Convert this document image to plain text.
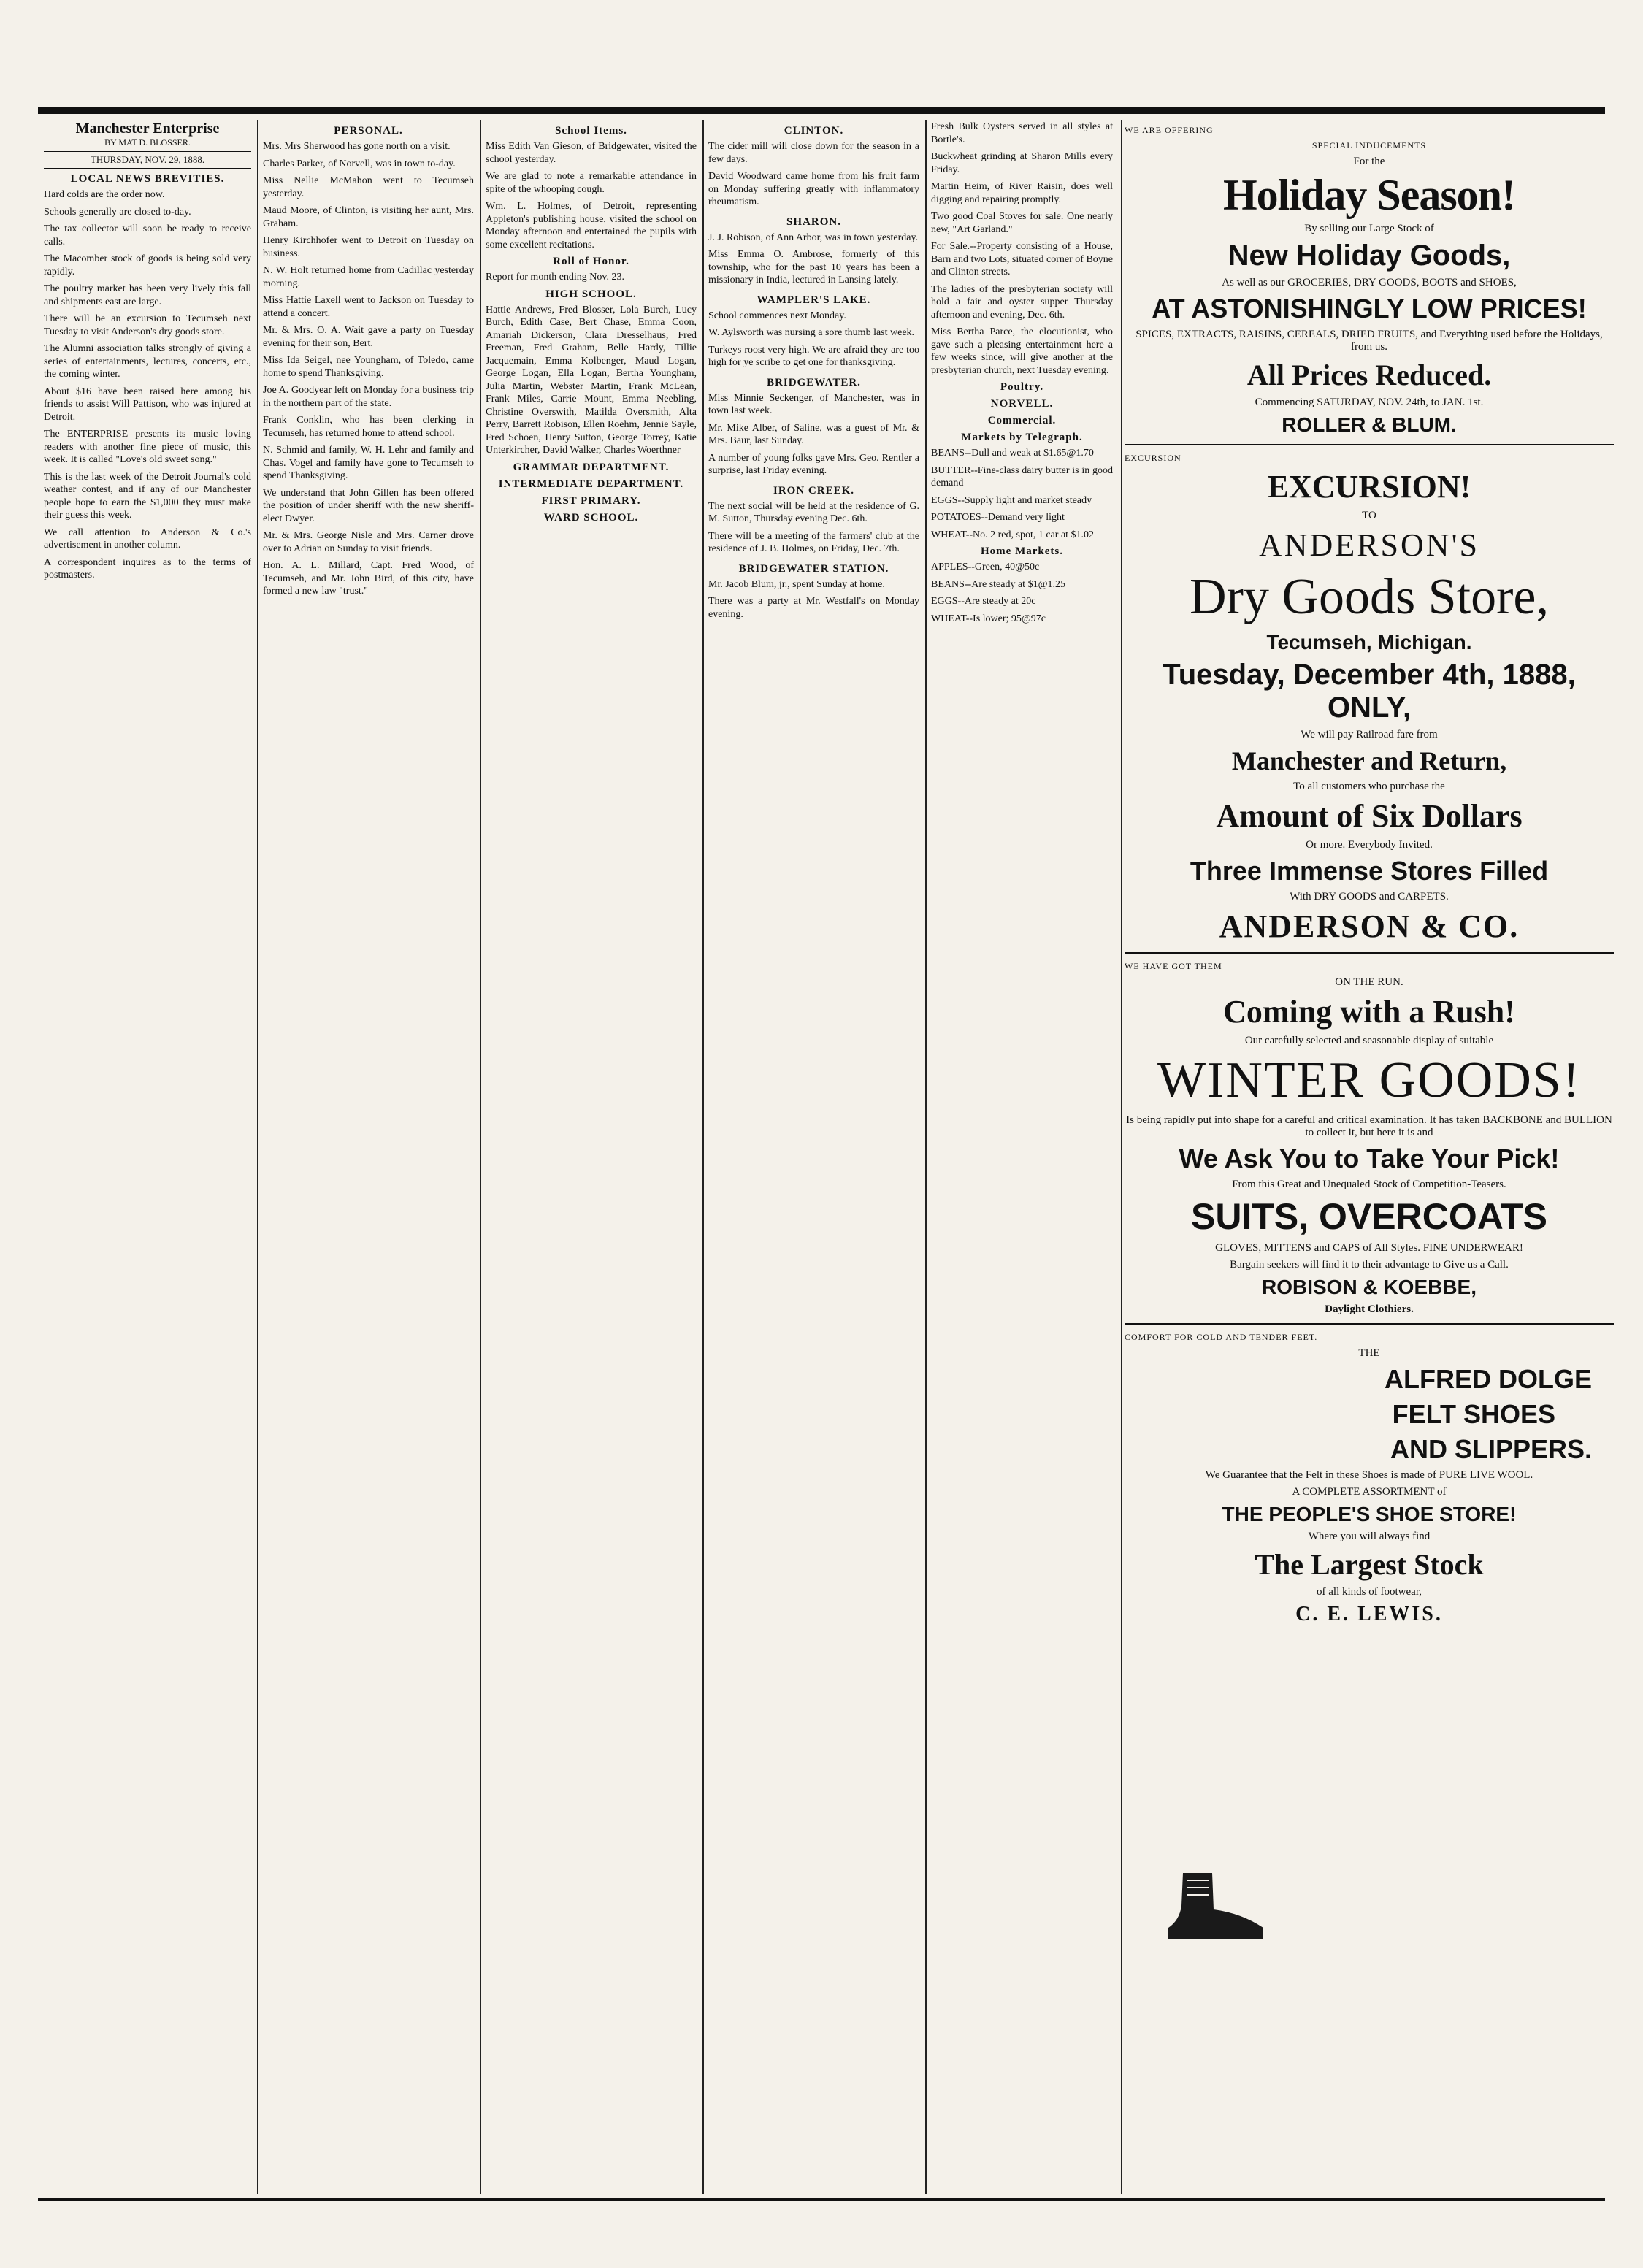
Manchester Enterprise
BY MAT D. BLOSSER.
THURSDAY, NOV. 29, 1888.
LOCAL NEWS BREVITIES.

Hard colds are the order now.

Schools generally are closed to-day.

The tax collector will soon be ready to receive calls.

The Macomber stock of goods is being sold very rapidly.

The poultry market has been very lively this fall and shipments east are large.

There will be an excursion to Tecumseh next Tuesday to visit Anderson's dry goods store.

The Alumni association talks strongly of giving a series of entertainments, lectures, concerts, etc., the coming winter.

About $16 have been raised here among his friends to assist Will Pattison, who was injured at Detroit.

The ENTERPRISE presents its music loving readers with another fine piece of music, this week. It is called "Love's old sweet song."

This is the last week of the Detroit Journal's cold weather contest, and if any of our Manchester people hope to earn the $1,000 they must make their guess this week.

We call attention to Anderson & Co.'s advertisement in another column.

A correspondent inquires as to the terms of postmasters.

PERSONAL.

Mrs. Mrs Sherwood has gone north on a visit.

Charles Parker, of Norvell, was in town to-day.

Miss Nellie McMahon went to Tecumseh yesterday.

Maud Moore, of Clinton, is visiting her aunt, Mrs. Graham.

Henry Kirchhofer went to Detroit on Tuesday on business.

N. W. Holt returned home from Cadillac yesterday morning.

Miss Hattie Laxell went to Jackson on Tuesday to attend a concert.

Mr. & Mrs. O. A. Wait gave a party on Tuesday evening for their son, Bert.

Miss Ida Seigel, nee Youngham, of Toledo, came home to spend Thanksgiving.

Joe A. Goodyear left on Monday for a business trip in the northern part of the state.

Frank Conklin, who has been clerking in Tecumseh, has returned home to attend school.

N. Schmid and family, W. H. Lehr and family and Chas. Vogel and family have gone to Tecumseh to spend Thanksgiving.

We understand that John Gillen has been offered the position of under sheriff with the new sheriff-elect Dwyer.

Mr. & Mrs. George Nisle and Mrs. Carner drove over to Adrian on Sunday to visit friends.

Hon. A. L. Millard, Capt. Fred Wood, of Tecumseh, and Mr. John Bird, of this city, have formed a new law "trust."

School Items.

Miss Edith Van Gieson, of Bridgewater, visited the school yesterday.

We are glad to note a remarkable attendance in spite of the whooping cough.

Wm. L. Holmes, of Detroit, representing Appleton's publishing house, visited the school on Monday afternoon and entertained the pupils with some excellent recitations.

Roll of Honor.

Report for month ending Nov. 23.

HIGH SCHOOL.

Hattie Andrews, Fred Blosser, Lola Burch, Lucy Burch, Edith Case, Bert Chase, Emma Coon, Amariah Dickerson, Clara Dresselhaus, Fred Freeman, Fred Graham, Belle Hardy, Tillie Jacquemain, Emma Kolbenger, Maud Logan, George Logan, Ella Logan, Bertha Youngham, Julia Martin, Webster Martin, Frank McLean, Frank Miles, Carrie Mount, Emma Neebling, Christine Overswith, Matilda Oversmith, Alta Perry, Barrett Robison, Ellen Roehm, Jennie Sayle, Fred Schoen, Henry Sutton, George Torrey, Katie Unterkircher, David Walker, Charles Woerthner

GRAMMAR DEPARTMENT.
INTERMEDIATE DEPARTMENT.
FIRST PRIMARY.
WARD SCHOOL.
CLINTON.

The cider mill will close down for the season in a few days.

David Woodward came home from his fruit farm on Monday suffering greatly with inflammatory rheumatism.

SHARON.

J. J. Robison, of Ann Arbor, was in town yesterday.

Miss Emma O. Ambrose, formerly of this township, who for the past 10 years has been a missionary in India, lectured in Lansing lately.

WAMPLER'S LAKE.

School commences next Monday.

W. Aylsworth was nursing a sore thumb last week.

Turkeys roost very high. We are afraid they are too high for ye scribe to get one for thanksgiving.

BRIDGEWATER.

Miss Minnie Seckenger, of Manchester, was in town last week.

Mr. Mike Alber, of Saline, was a guest of Mr. & Mrs. Baur, last Sunday.

A number of young folks gave Mrs. Geo. Rentler a surprise, last Friday evening.

IRON CREEK.

The next social will be held at the residence of G. M. Sutton, Thursday evening Dec. 6th.

There will be a meeting of the farmers' club at the residence of J. B. Holmes, on Friday, Dec. 7th.

BRIDGEWATER STATION.

Mr. Jacob Blum, jr., spent Sunday at home.

There was a party at Mr. Westfall's on Monday evening.

Fresh Bulk Oysters served in all styles at Bortle's.

Buckwheat grinding at Sharon Mills every Friday.

Martin Heim, of River Raisin, does well digging and repairing promptly.

Two good Coal Stoves for sale. One nearly new, "Art Garland."

For Sale.--Property consisting of a House, Barn and two Lots, situated corner of Boyne and Clinton streets.

The ladies of the presbyterian society will hold a fair and oyster supper Thursday afternoon and evening, Dec. 6th.

Miss Bertha Parce, the elocutionist, who gave such a pleasing entertainment here a few weeks since, will give another at the presbyterian church, next Tuesday evening.

Poultry.
NORVELL.
Commercial.
Markets by Telegraph.

BEANS--Dull and weak at $1.65@1.70

BUTTER--Fine-class dairy butter is in good demand

EGGS--Supply light and market steady

POTATOES--Demand very light

WHEAT--No. 2 red, spot, 1 car at $1.02

Home Markets.

APPLES--Green, 40@50c

BEANS--Are steady at $1@1.25

EGGS--Are steady at 20c

WHEAT--Is lower; 95@97c

WE ARE OFFERING
SPECIAL INDUCEMENTS
For the
Holiday Season!
By selling our Large Stock of
New Holiday Goods,
As well as our GROCERIES, DRY GOODS, BOOTS and SHOES,
AT ASTONISHINGLY LOW PRICES!
SPICES, EXTRACTS, RAISINS, CEREALS, DRIED FRUITS, and Everything used before the Holidays, from us.
All Prices Reduced.
Commencing SATURDAY, NOV. 24th, to JAN. 1st.
ROLLER & BLUM.
EXCURSION
EXCURSION!
TO
ANDERSON'S
Dry Goods Store,
Tecumseh, Michigan.
Tuesday, December 4th, 1888, ONLY,
We will pay Railroad fare from
Manchester and Return,
To all customers who purchase the
Amount of Six Dollars
Or more. Everybody Invited.
Three Immense Stores Filled
With DRY GOODS and CARPETS.
ANDERSON & CO.
WE HAVE GOT THEM
ON THE RUN.
Coming with a Rush!
Our carefully selected and seasonable display of suitable
WINTER GOODS!
Is being rapidly put into shape for a careful and critical examination. It has taken BACKBONE and BULLION to collect it, but here it is and
We Ask You to Take Your Pick!
From this Great and Unequaled Stock of Competition-Teasers.
SUITS, OVERCOATS
GLOVES, MITTENS and CAPS of All Styles. FINE UNDERWEAR!
Bargain seekers will find it to their advantage to Give us a Call.
ROBISON & KOEBBE,
Daylight Clothiers.
COMFORT FOR COLD AND TENDER FEET.
THE
ALFRED DOLGE
FELT SHOES
AND SLIPPERS.
We Guarantee that the Felt in these Shoes is made of PURE LIVE WOOL.
A COMPLETE ASSORTMENT of
THE PEOPLE'S SHOE STORE!
Where you will always find
The Largest Stock
of all kinds of footwear,
C. E. LEWIS.
